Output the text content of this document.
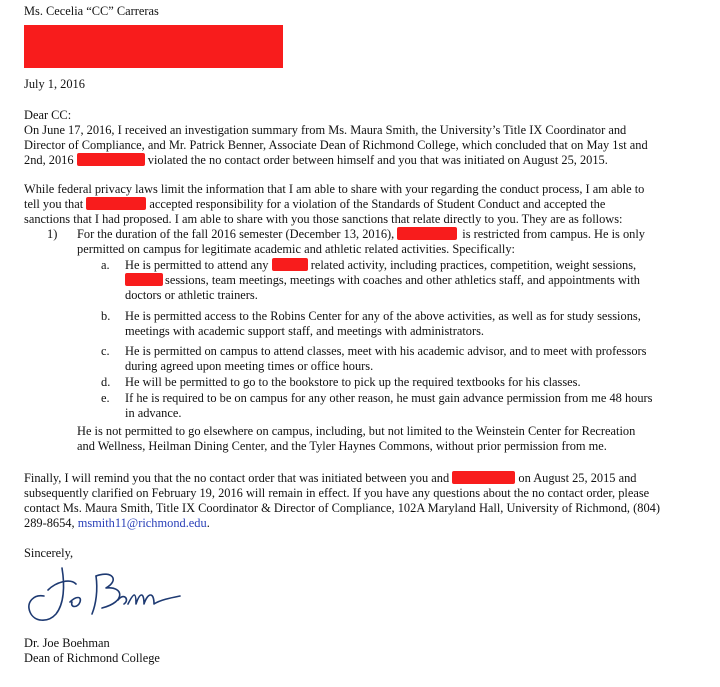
Ms. Cecelia “CC” Carreras
July 1, 2016
Dear CC:
On June 17, 2016, I received an investigation summary from Ms. Maura Smith, the University’s Title IX Coordinator and
Director of Compliance, and Mr. Patrick Benner, Associate Dean of Richmond College, which concluded that on May 1st and
2nd, 2016	violated the no contact order between himself and you that was initiated on August 25, 2015.
While federal privacy laws limit the information that I am able to share with your regarding the conduct process, I am able to
tell you that	accepted responsibility for a violation of the Standards of Student Conduct and accepted the
sanctions that I had proposed. I am able to share with you those sanctions that relate directly to you. They are as follows:
1) For the duration of the fall 2016 semester (December 13, 2016),	is restricted from campus. He is only
permitted on campus for legitimate academic and athletic related activities. Specifically:
a. He is permitted to attend any	related activity, including practices, competition, weight sessions,
sessions, team meetings, meetings with coaches and other athletics staff, and appointments with
doctors or athletic trainers.
b. He is permitted access to the Robins Center for any of the above activities, as well as for study sessions,
meetings with academic support staff, and meetings with administrators.
c. He is permitted on campus to attend classes, meet with his academic advisor, and to meet with professors
during agreed upon meeting times or office hours.
d. He will be permitted to go to the bookstore to pick up the required textbooks for his classes.
e. If he is required to be on campus for any other reason, he must gain advance permission from me 48 hours
in advance.
He is not permitted to go elsewhere on campus, including, but not limited to the Weinstein Center for Recreation
and Wellness, Heilman Dining Center, and the Tyler Haynes Commons, without prior permission from me.
Finally, I will remind you that the no contact order that was initiated between you and	on August 25, 2015 and
subsequently clarified on February 19, 2016 will remain in effect. If you have any questions about the no contact order, please
contact Ms. Maura Smith, Title IX Coordinator & Director of Compliance, 102A Maryland Hall, University of Richmond, (804)
289-8654, msmith11@richmond.edu.
Sincerely,
Dr. Joe Boehman
Dean of Richmond College
